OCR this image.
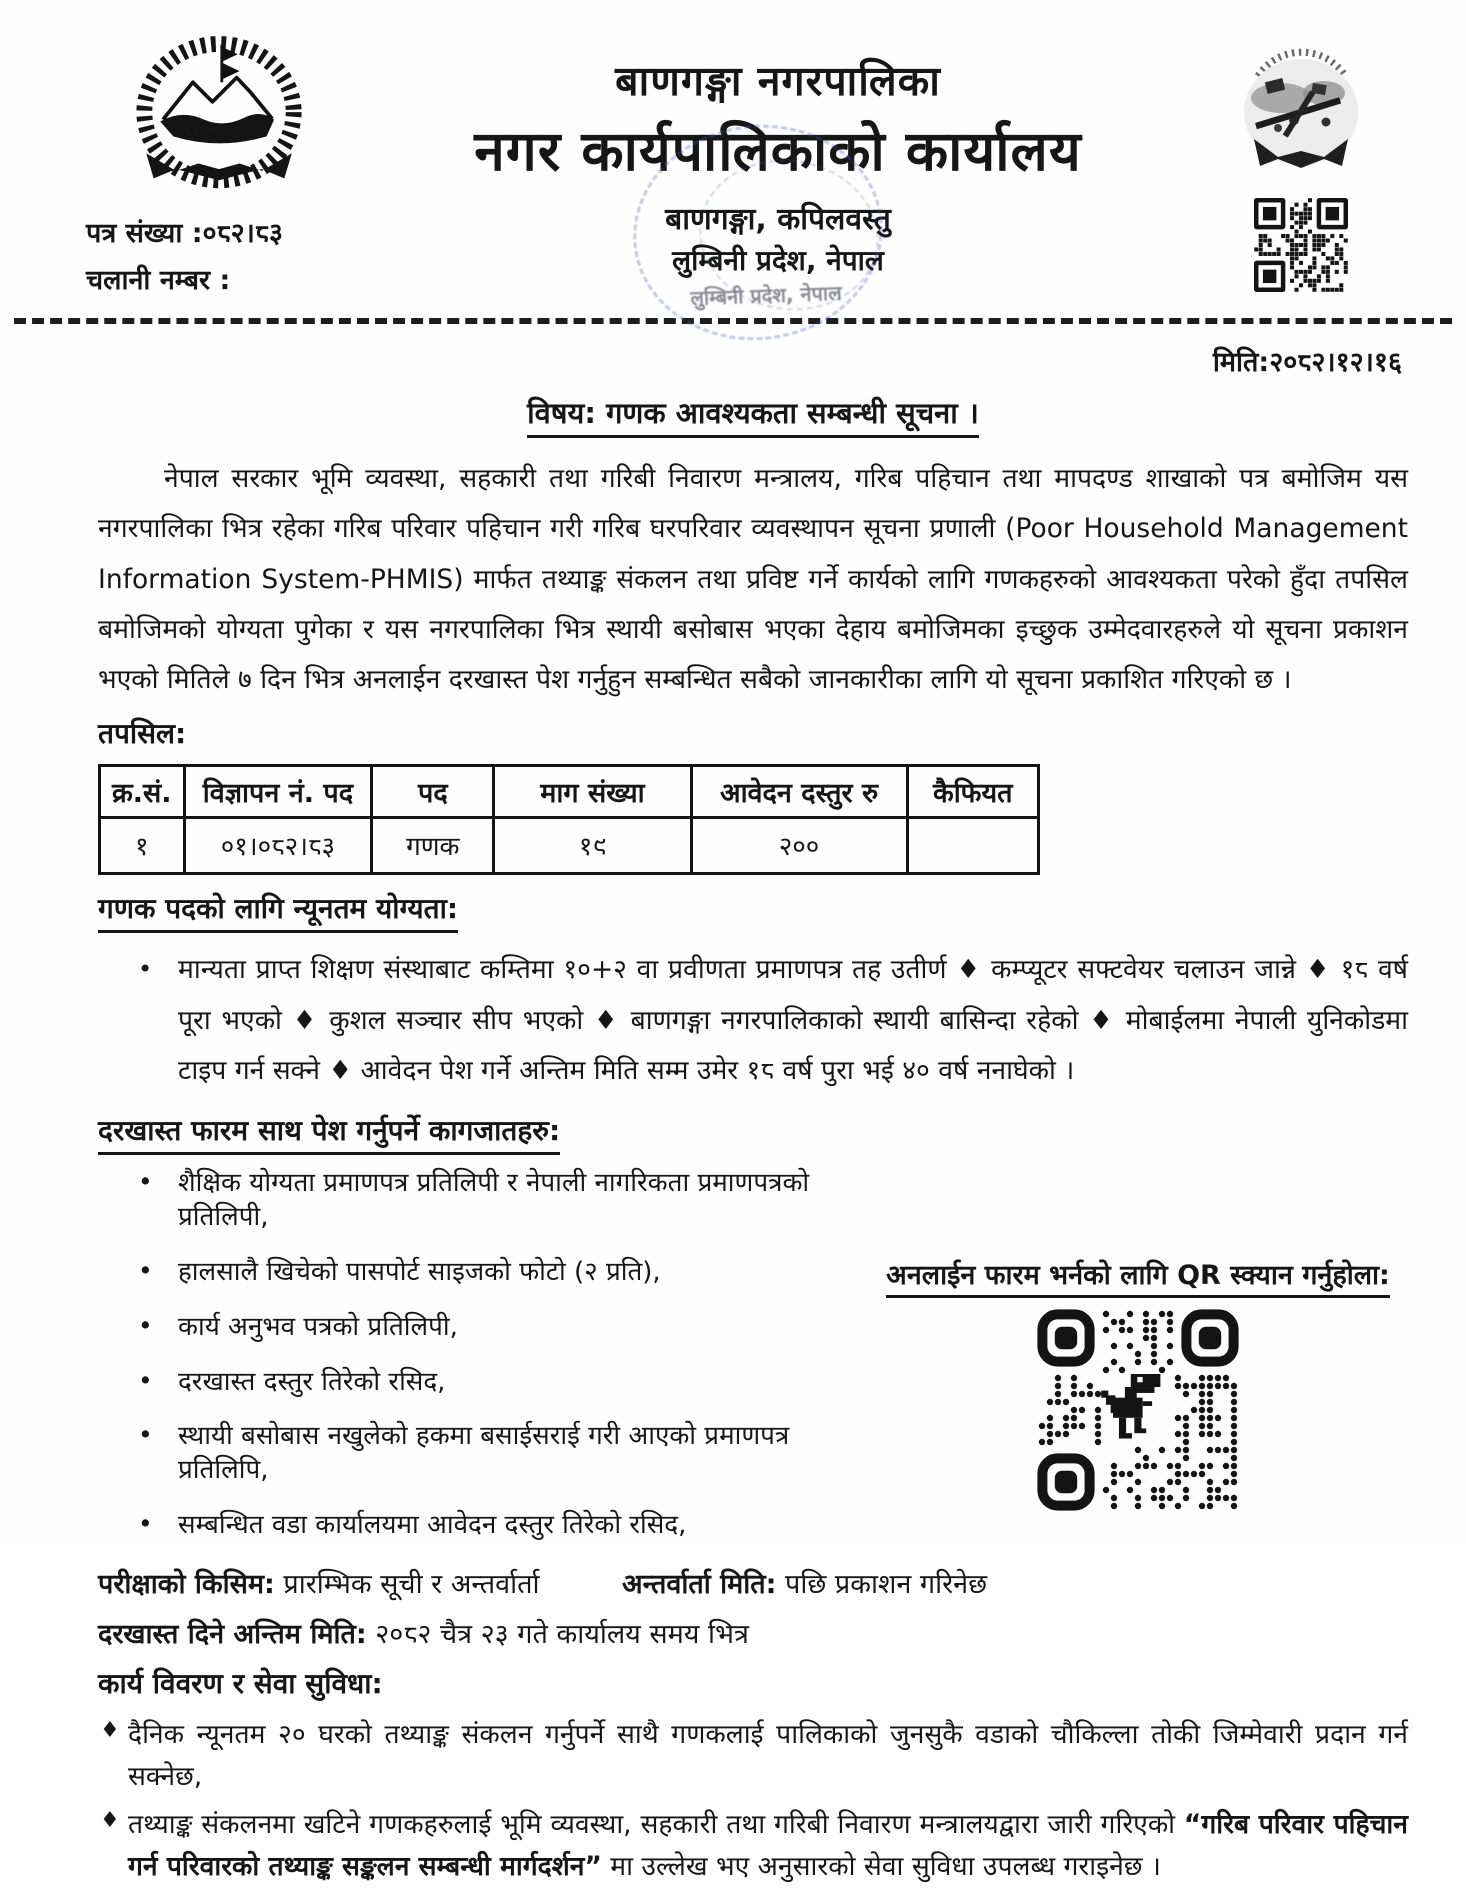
पत्र संख्या :०८२।८३
चलानी नम्बर :
बाणगङ्गा नगरपालिका
नगर कार्यपालिकाको कार्यालय
बाणगङ्गा, कपिलवस्तु
लुम्बिनी प्रदेश, नेपाल
लुम्बिनी प्रदेश, नेपाल
मिति:२०८२।१२।१६
विषय: गणक आवश्यकता सम्बन्धी सूचना ।

नेपाल सरकार भूमि व्यवस्था, सहकारी तथा गरिबी निवारण मन्त्रालय, गरिब पहिचान तथा मापदण्ड शाखाको पत्र बमोजिम यस नगरपालिका भित्र रहेका गरिब परिवार पहिचान गरी गरिब घरपरिवार व्यवस्थापन सूचना प्रणाली (Poor Household Management Information System-PHMIS) मार्फत तथ्याङ्क संकलन तथा प्रविष्ट गर्ने कार्यको लागि गणकहरुको आवश्यकता परेको हुँदा तपसिल बमोजिमको योग्यता पुगेका र यस नगरपालिका भित्र स्थायी बसोबास भएका देहाय बमोजिमका इच्छुक उम्मेदवारहरुले यो सूचना प्रकाशन भएको मितिले ७ दिन भित्र अनलाईन दरखास्त पेश गर्नुहुन सम्बन्धित सबैको जानकारीका लागि यो सूचना प्रकाशित गरिएको छ ।

तपसिल:
क्र.सं.	विज्ञापन नं. पद	पद	माग संख्या	आवेदन दस्तुर रु	कैफियत
१	०१।०८२।८३	गणक	१९	२००	
गणक पदको लागि न्यूनतम योग्यता:
• मान्यता प्राप्त शिक्षण संस्थाबाट कम्तिमा १०+२ वा प्रवीणता प्रमाणपत्र तह उतीर्ण ♦ कम्प्यूटर सफ्टवेयर चलाउन जान्ने ♦ १८ वर्ष पूरा भएको ♦ कुशल सञ्चार सीप भएको ♦ बाणगङ्गा नगरपालिकाको स्थायी बासिन्दा रहेको ♦ मोबाईलमा नेपाली युनिकोडमा टाइप गर्न सक्ने ♦ आवेदन पेश गर्ने अन्तिम मिति सम्म उमेर १८ वर्ष पुरा भई ४० वर्ष ननाघेको ।
दरखास्त फारम साथ पेश गर्नुपर्ने कागजातहरु:
• शैक्षिक योग्यता प्रमाणपत्र प्रतिलिपी र नेपाली नागरिकता प्रमाणपत्रको प्रतिलिपी,
• हालसालै खिचेको पासपोर्ट साइजको फोटो (२ प्रति),
• कार्य अनुभव पत्रको प्रतिलिपी,
• दरखास्त दस्तुर तिरेको रसिद,
• स्थायी बसोबास नखुलेको हकमा बसाईसराई गरी आएको प्रमाणपत्र प्रतिलिपि,
• सम्बन्धित वडा कार्यालयमा आवेदन दस्तुर तिरेको रसिद,
अनलाईन फारम भर्नको लागि QR स्क्यान गर्नुहोला:
परीक्षाको किसिम: प्रारम्भिक सूची र अन्तर्वार्ता	अन्तर्वार्ता मिति: पछि प्रकाशन गरिनेछ
दरखास्त दिने अन्तिम मिति: २०८२ चैत्र २३ गते कार्यालय समय भित्र
कार्य विवरण र सेवा सुविधा:
♦ दैनिक न्यूनतम २० घरको तथ्याङ्क संकलन गर्नुपर्ने साथै गणकलाई पालिकाको जुनसुकै वडाको चौकिल्ला तोकी जिम्मेवारी प्रदान गर्न सक्नेछ,
♦ तथ्याङ्क संकलनमा खटिने गणकहरुलाई भूमि व्यवस्था, सहकारी तथा गरिबी निवारण मन्त्रालयद्वारा जारी गरिएको “गरिब परिवार पहिचान गर्न परिवारको तथ्याङ्क सङ्कलन सम्बन्धी मार्गदर्शन” मा उल्लेख भए अनुसारको सेवा सुविधा उपलब्ध गराइनेछ ।
